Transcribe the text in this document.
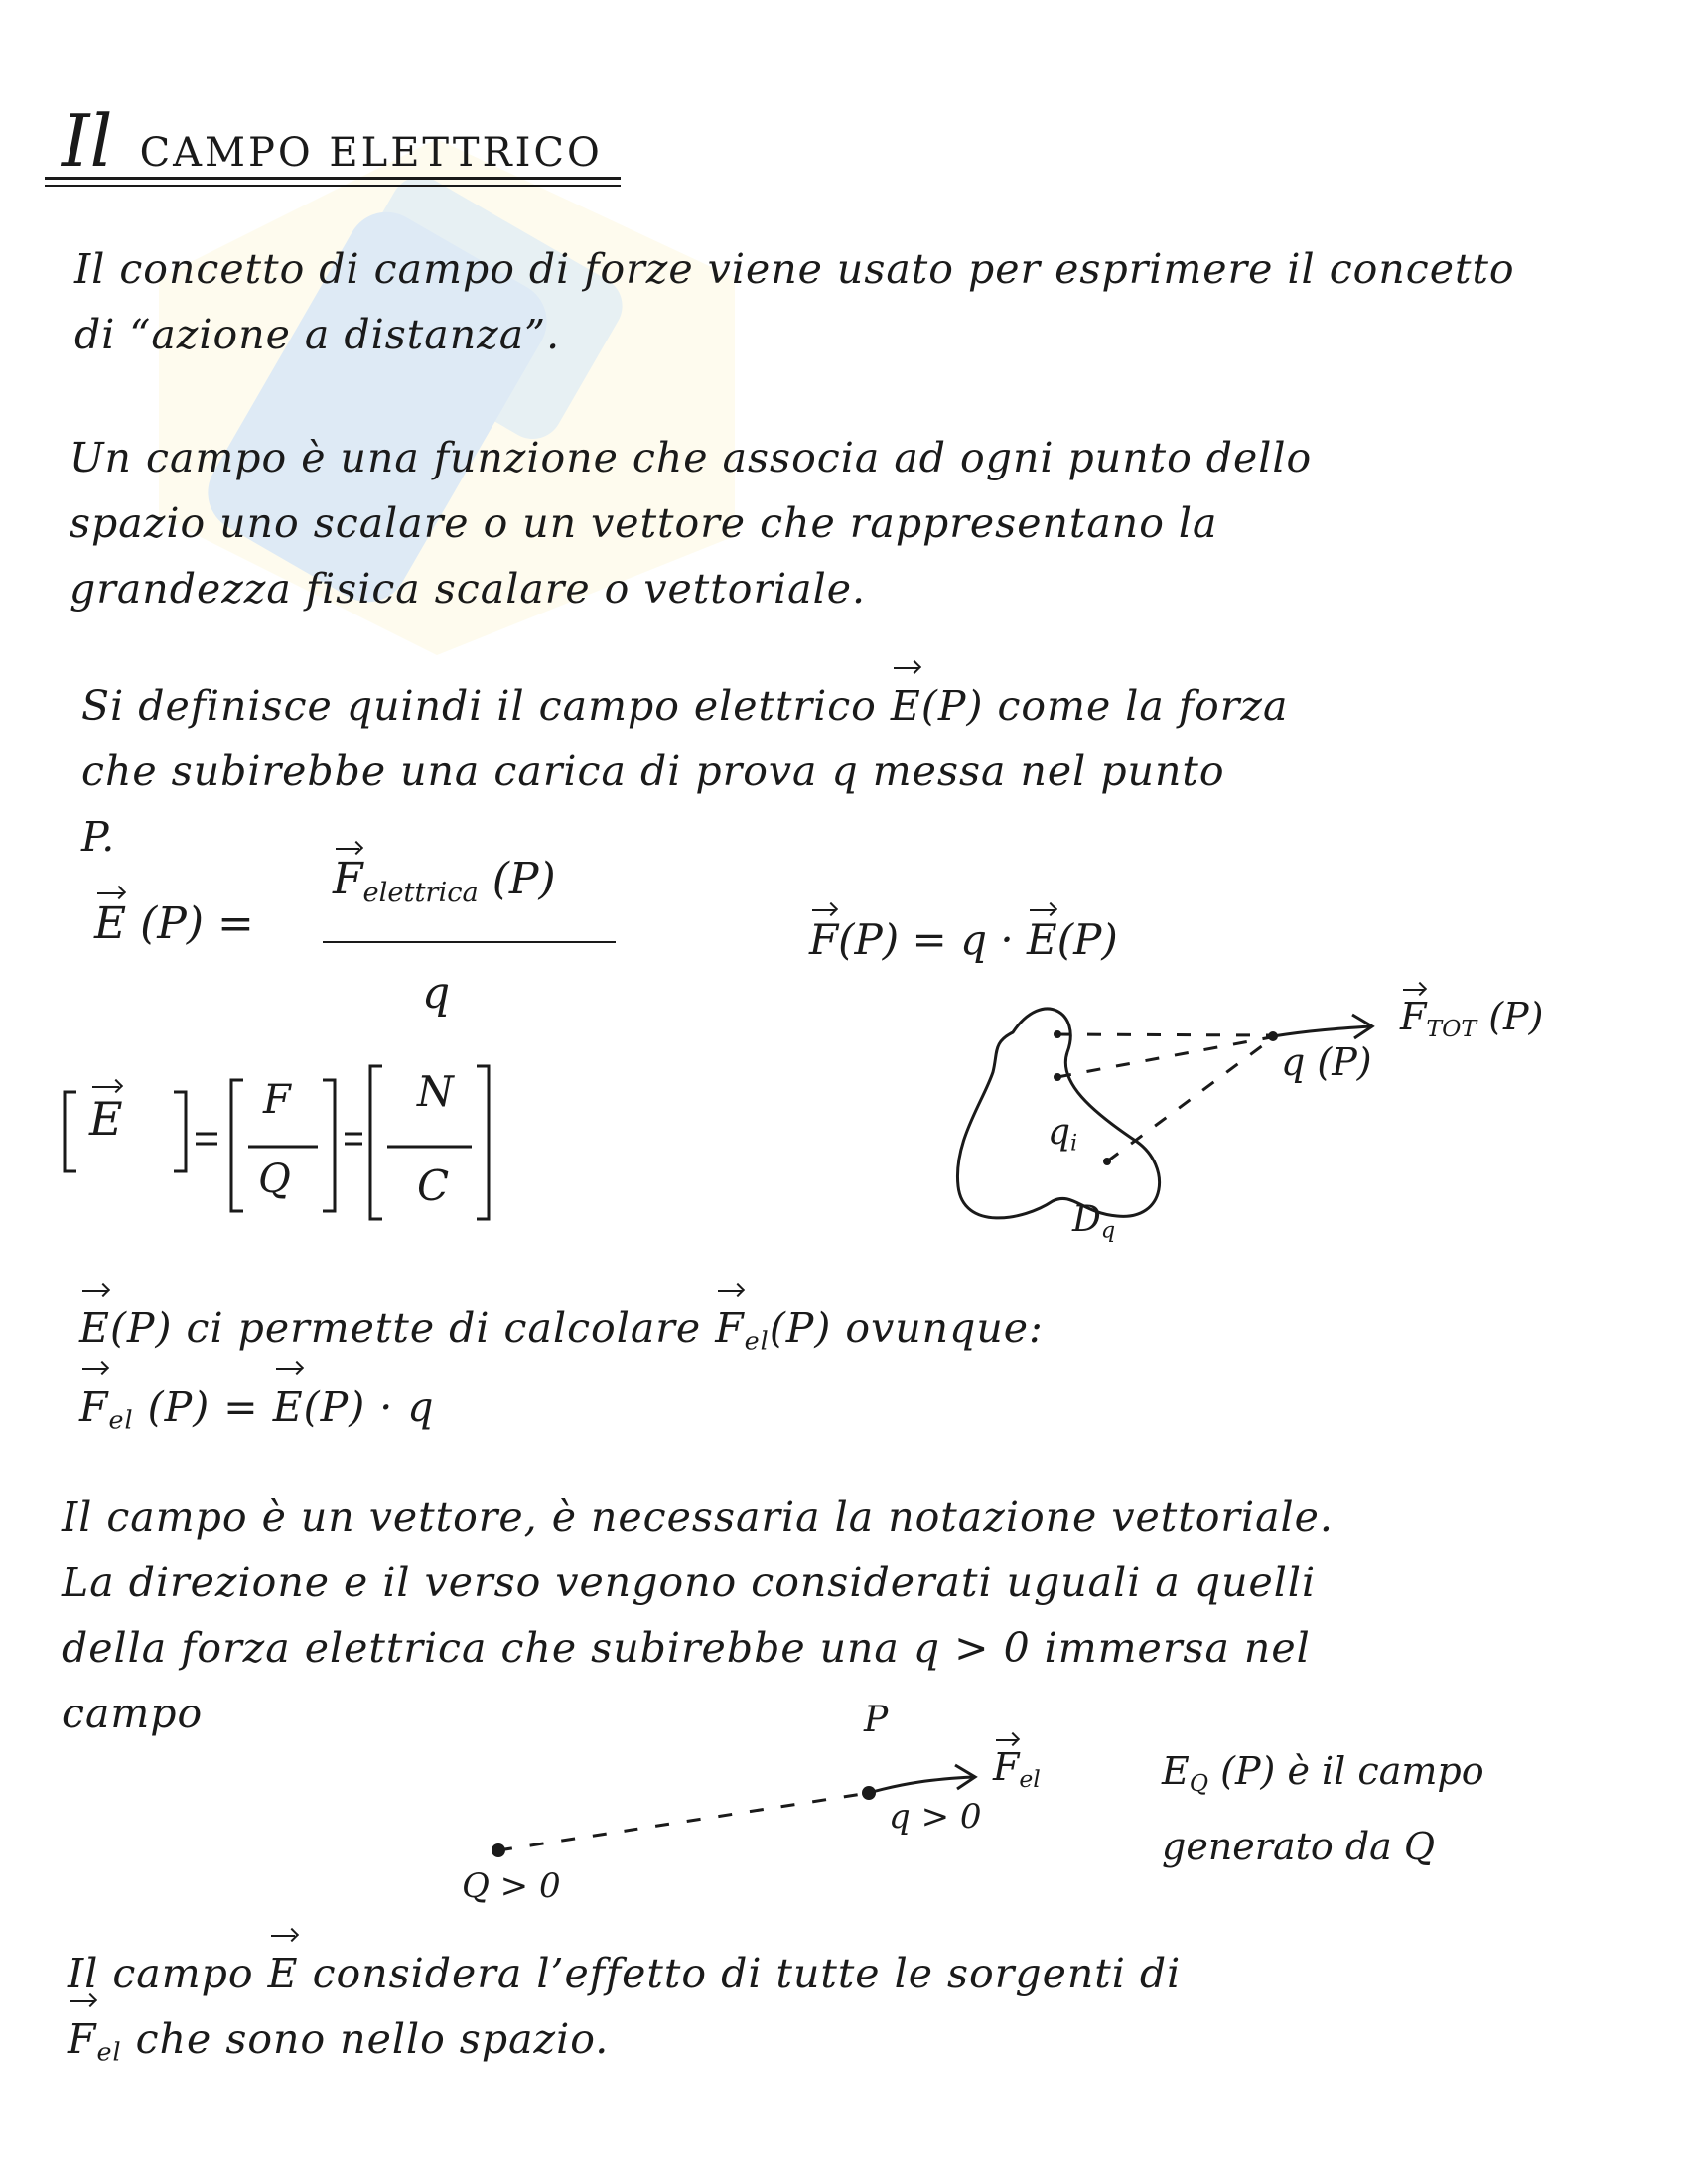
Il CAMPO ELETTRICO
Il concetto di campo di forze viene usato per esprimere il concetto
di “azione a distanza”.
Un campo è una funzione che associa ad ogni punto dello
spazio uno scalare o un vettore che rappresentano la
grandezza fisica scalare o vettoriale.
Si definisce quindi il campo elettrico E(P) come la forza
che subirebbe una carica di prova q messa nel punto
P.
E (P) =
$F_{elettrica}$ (P)
q
F(P) = q · E(P)
E	F
Q
N
C
$F_{TOT}$ (P)
q (P)
$q_i$
$D_q$
E(P) ci permette di calcolare $F_{el}(P)$ ovunque:
$F_{el}$ (P) = E(P) · q
Il campo è un vettore, è necessaria la notazione vettoriale.
La direzione e il verso vengono considerati uguali a quelli
della forza elettrica che subirebbe una q > 0 immersa nel
campo	P
$F_{el}$
q > 0
Q > 0
$E_Q$ (P) è il campo
generato da Q
Il campo E considera l’effetto di tutte le sorgenti di
$F_{el}$ che sono nello spazio.
